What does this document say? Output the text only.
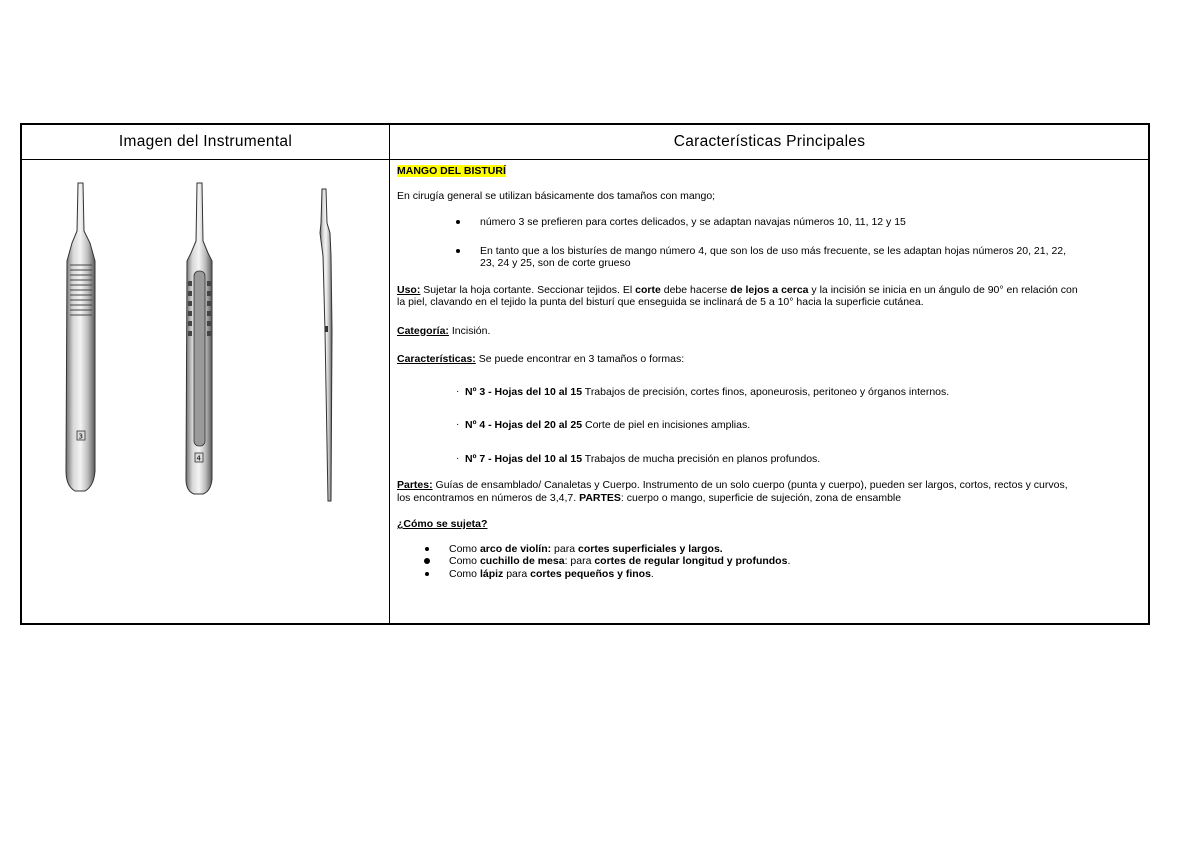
Imagen del Instrumental	Características Principales
3
4

MANGO DEL BISTURÍ

En cirugía general se utilizan básicamente dos tamaños con mango;

número 3 se prefieren para cortes delicados, y se adaptan navajas números 10, 11, 12 y 15
En tanto que a los bisturíes de mango número 4, que son los de uso más frecuente, se les adaptan hojas números 20, 21, 22,
23, 24 y 25, son de corte grueso

Uso: Sujetar la hoja cortante. Seccionar tejidos. El corte debe hacerse de lejos a cerca y la incisión se inicia en un ángulo de 90° en relación con

la piel, clavando en el tejido la punta del bisturí que enseguida se inclinará de 5 a 10° hacia la superficie cutánea.

Categoría: Incisión.

Características: Se puede encontrar en 3 tamaños o formas:

· Nº 3 - Hojas del 10 al 15 Trabajos de precisión, cortes finos, aponeurosis, peritoneo y órganos internos.
· Nº 4 - Hojas del 20 al 25 Corte de piel en incisiones amplias.
· Nº 7 - Hojas del 10 al 15 Trabajos de mucha precisión en planos profundos.

Partes: Guías de ensamblado/ Canaletas y Cuerpo. Instrumento de un solo cuerpo (punta y cuerpo), pueden ser largos, cortos, rectos y curvos,

los encontramos en números de 3,4,7. PARTES: cuerpo o mango, superficie de sujeción, zona de ensamble

¿Cómo se sujeta?

Como arco de violín: para cortes superficiales y largos.
Como cuchillo de mesa: para cortes de regular longitud y profundos.
Como lápiz para cortes pequeños y finos.
